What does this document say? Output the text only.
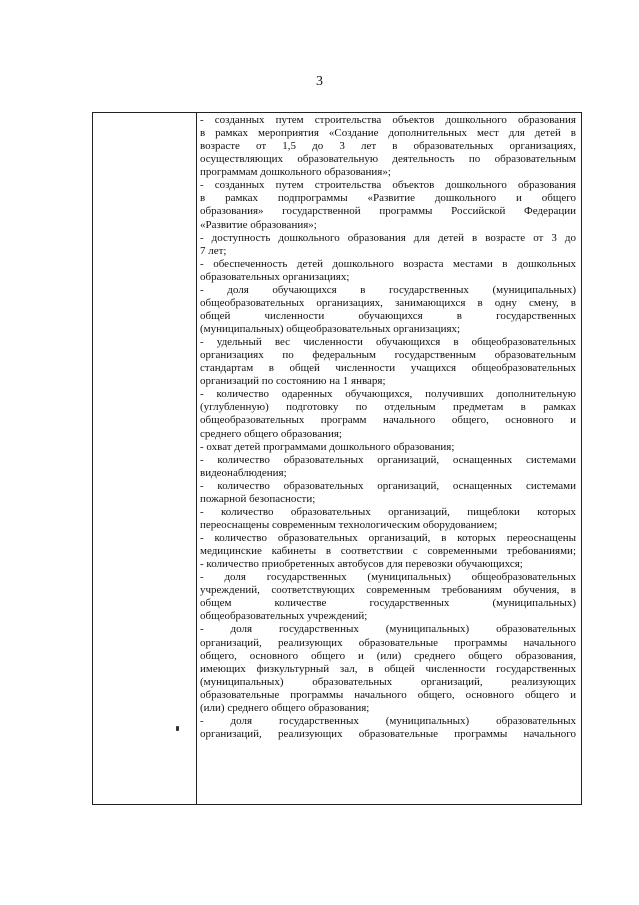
3
- созданных путем строительства объектов дошкольного образования
в рамках мероприятия «Создание дополнительных мест для детей в
возрасте от 1,5 до 3 лет в образовательных организациях,
осуществляющих образовательную деятельность по образовательным
программам дошкольного образования»;
- созданных путем строительства объектов дошкольного образования
в рамках подпрограммы «Развитие дошкольного и общего
образования» государственной программы Российской Федерации
«Развитие образования»;
- доступность дошкольного образования для детей в возрасте от 3 до
7 лет;
- обеспеченность детей дошкольного возраста местами в дошкольных
образовательных организациях;
- доля обучающихся в государственных (муниципальных)
общеобразовательных организациях, занимающихся в одну смену, в
общей численности обучающихся в государственных
(муниципальных) общеобразовательных организациях;
- удельный вес численности обучающихся в общеобразовательных
организациях по федеральным государственным образовательным
стандартам в общей численности учащихся общеобразовательных
организаций по состоянию на 1 января;
- количество одаренных обучающихся, получивших дополнительную
(углубленную) подготовку по отдельным предметам в рамках
общеобразовательных программ начального общего, основного и
среднего общего образования;
- охват детей программами дошкольного образования;
- количество образовательных организаций, оснащенных системами
видеонаблюдения;
- количество образовательных организаций, оснащенных системами
пожарной безопасности;
- количество образовательных организаций, пищеблоки которых
переоснащены современным технологическим оборудованием;
- количество образовательных организаций, в которых переоснащены
медицинские кабинеты в соответствии с современными требованиями;
- количество приобретенных автобусов для перевозки обучающихся;
- доля государственных (муниципальных) общеобразовательных
учреждений, соответствующих современным требованиям обучения, в
общем количестве государственных (муниципальных)
общеобразовательных учреждений;
- доля государственных (муниципальных) образовательных
организаций, реализующих образовательные программы начального
общего, основного общего и (или) среднего общего образования,
имеющих физкультурный зал, в общей численности государственных
(муниципальных) образовательных организаций, реализующих
образовательные программы начального общего, основного общего и
(или) среднего общего образования;
- доля государственных (муниципальных) образовательных
организаций, реализующих образовательные программы начального
